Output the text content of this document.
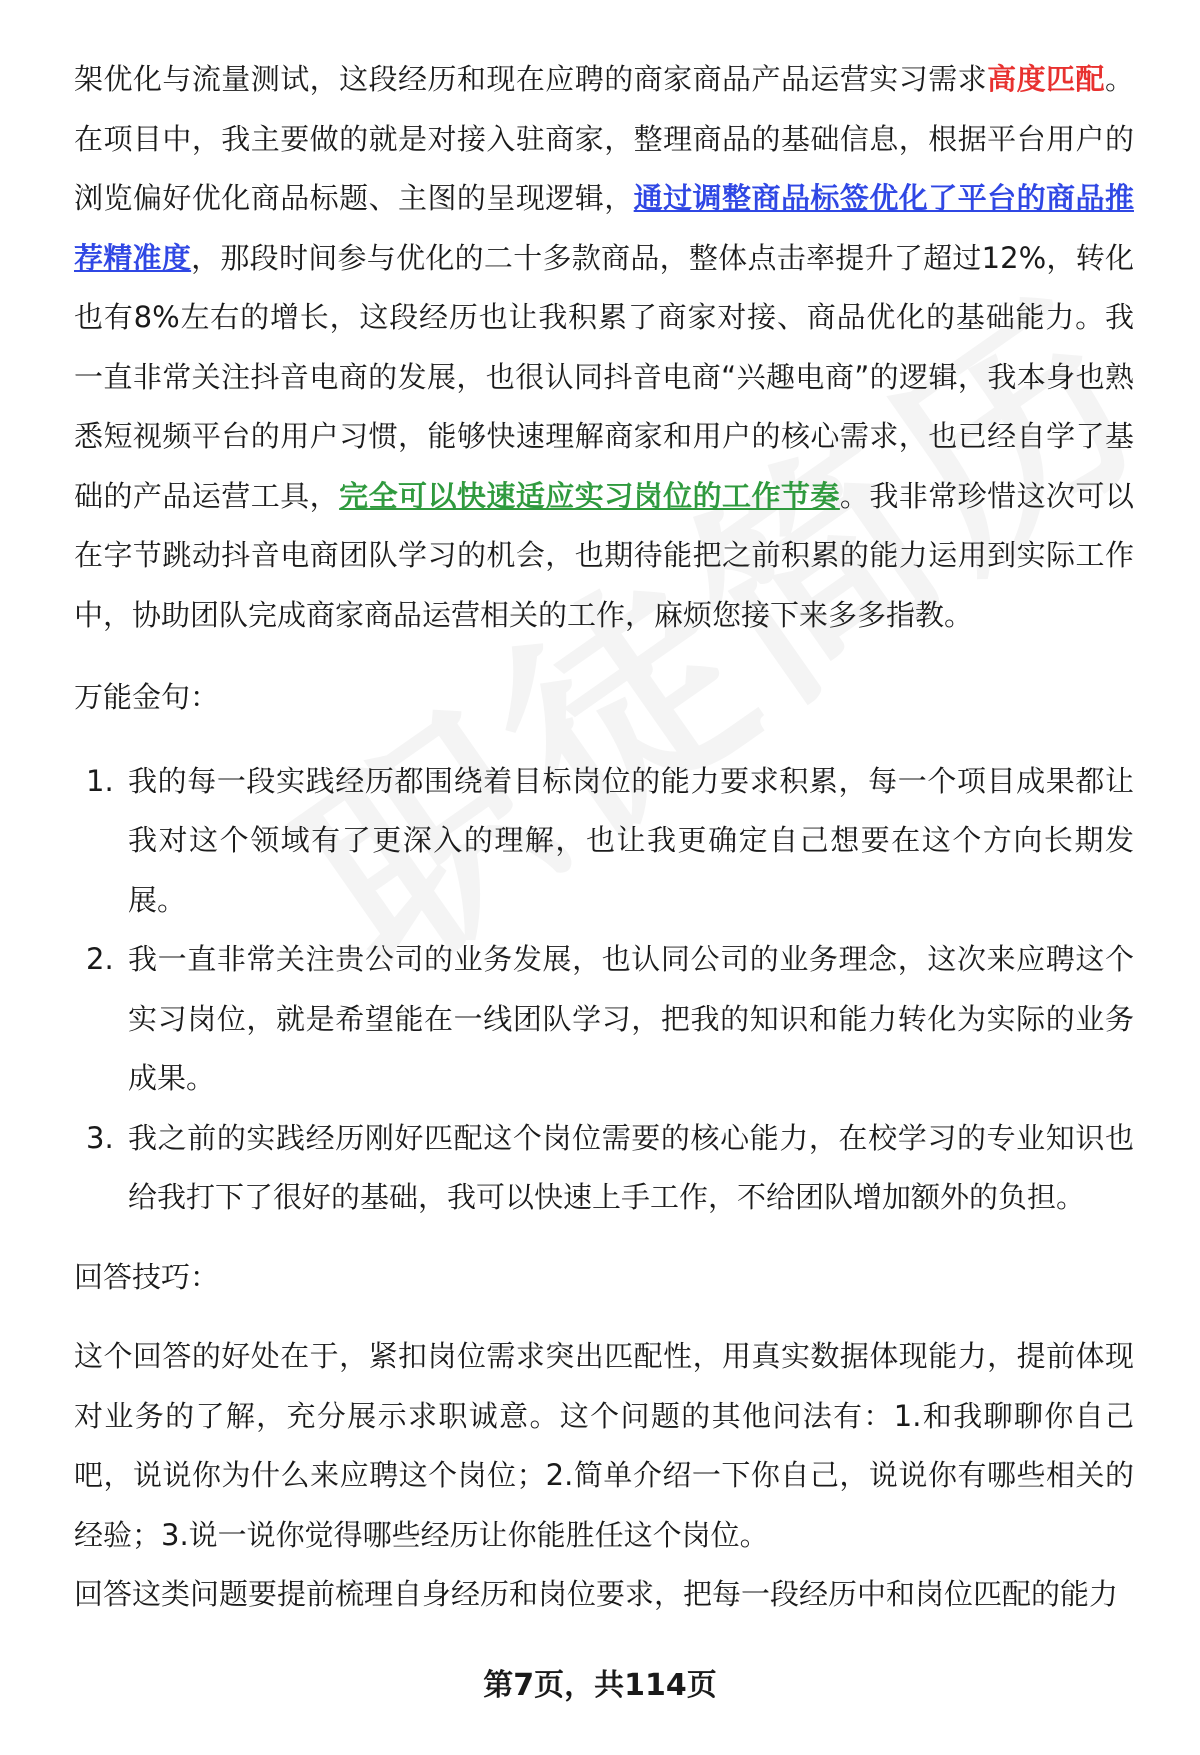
架优化与流量测试，这段经历和现在应聘的商家商品产品运营实习需求高度匹配。在项目中，我主要做的就是对接入驻商家，整理商品的基础信息，根据平台用户的浏览偏好优化商品标题、主图的呈现逻辑，通过调整商品标签优化了平台的商品推荐精准度，那段时间参与优化的二十多款商品，整体点击率提升了超过12%，转化也有8%左右的增长，这段经历也让我积累了商家对接、商品优化的基础能力。我一直非常关注抖音电商的发展，也很认同抖音电商“兴趣电商”的逻辑，我本身也熟悉短视频平台的用户习惯，能够快速理解商家和用户的核心需求，也已经自学了基础的产品运营工具，完全可以快速适应实习岗位的工作节奏。我非常珍惜这次可以在字节跳动抖音电商团队学习的机会，也期待能把之前积累的能力运用到实际工作中，协助团队完成商家商品运营相关的工作，麻烦您接下来多多指教。

万能金句：

1. 我的每一段实践经历都围绕着目标岗位的能力要求积累，每一个项目成果都让我对这个领域有了更深入的理解，也让我更确定自己想要在这个方向长期发展。
2. 我一直非常关注贵公司的业务发展，也认同公司的业务理念，这次来应聘这个实习岗位，就是希望能在一线团队学习，把我的知识和能力转化为实际的业务成果。
3. 我之前的实践经历刚好匹配这个岗位需要的核心能力，在校学习的专业知识也给我打下了很好的基础，我可以快速上手工作，不给团队增加额外的负担。

回答技巧：

这个回答的好处在于，紧扣岗位需求突出匹配性，用真实数据体现能力，提前体现对业务的了解，充分展示求职诚意。这个问题的其他问法有：1.和我聊聊你自己吧，说说你为什么来应聘这个岗位；2.简单介绍一下你自己，说说你有哪些相关的经验；3.说一说你觉得哪些经历让你能胜任这个岗位。

回答这类问题要提前梳理自身经历和岗位要求，把每一段经历中和岗位匹配的能力

第7页，共114页
